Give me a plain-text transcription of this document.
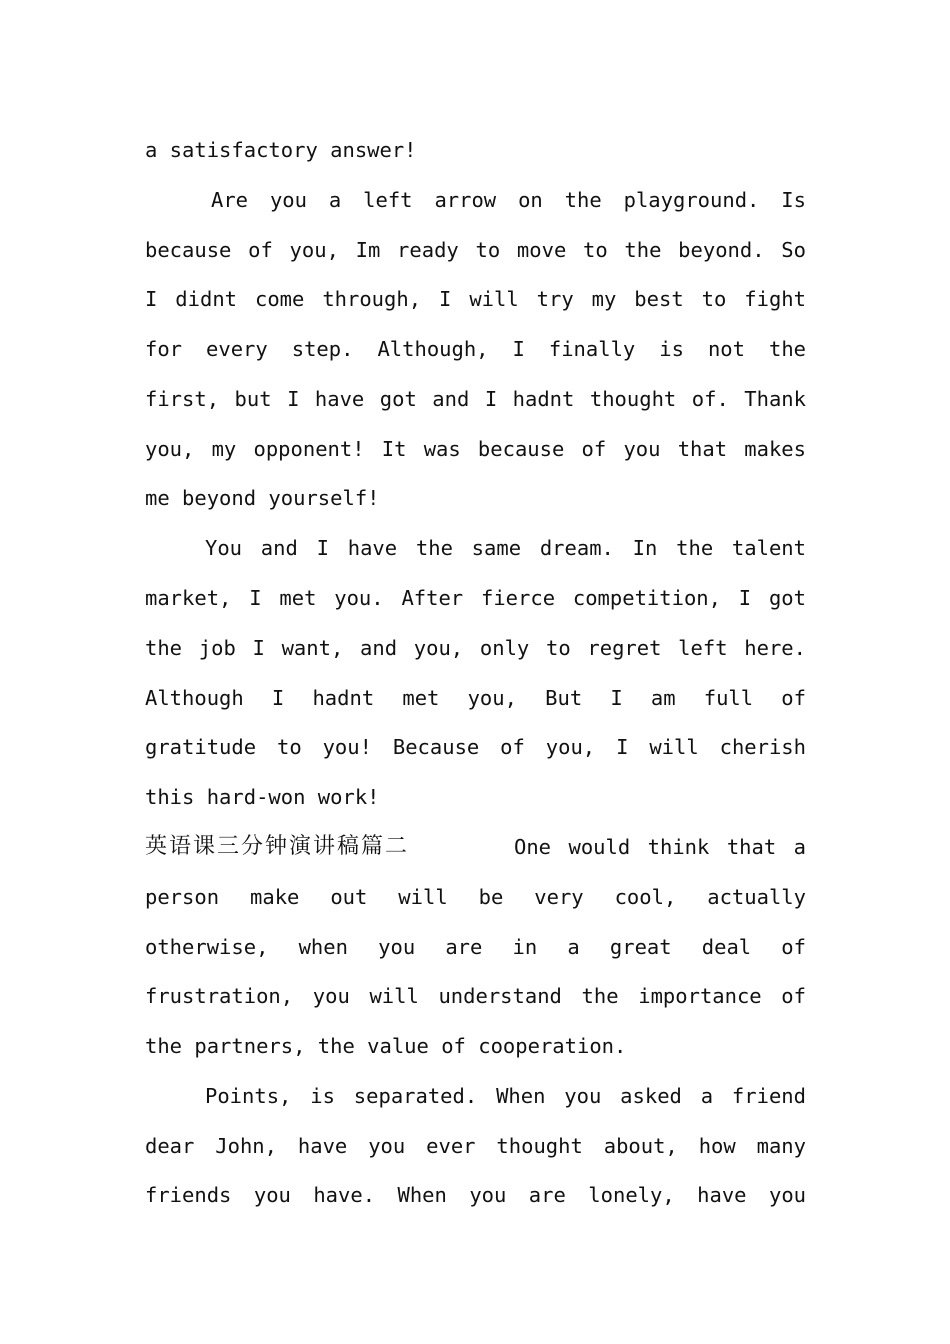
a satisfactory answer!
Are you a left arrow on the playground. Is
because of you, Im ready to move to the beyond. So
I didnt come through, I will try my best to fight
for every step. Although, I finally is not the
first, but I have got and I hadnt thought of. Thank
you, my opponent! It was because of you that makes
me beyond yourself!
You and I have the same dream. In the talent
market, I met you. After fierce competition, I got
the job I want, and you, only to regret left here.
Although I hadnt met you, But I am full of
gratitude to you! Because of you, I will cherish
this hard-won work!
英语课三分钟演讲稿篇二	One would think that a
person make out will be very cool, actually
otherwise, when you are in a great deal of
frustration, you will understand the importance of
the partners, the value of cooperation.
Points, is separated. When you asked a friend
dear John, have you ever thought about, how many
friends you have. When you are lonely, have you
